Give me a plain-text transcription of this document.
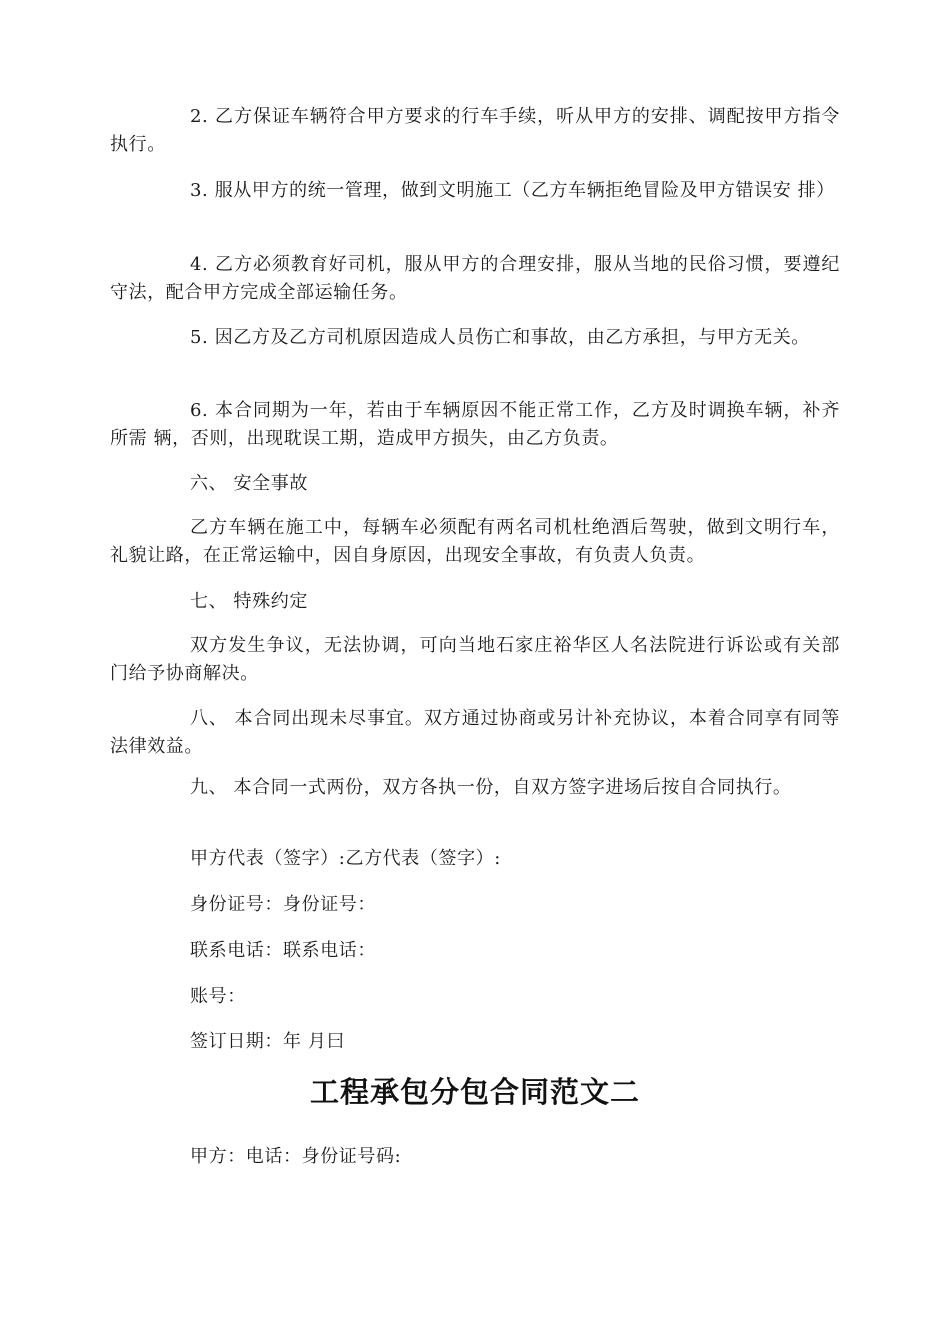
2. 乙方保证车辆符合甲方要求的行车手续，听从甲方的安排、调配按甲方指令执行。

3. 服从甲方的统一管理，做到文明施工（乙方车辆拒绝冒险及甲方错误安 排）

4. 乙方必须教育好司机，服从甲方的合理安排，服从当地的民俗习惯，要遵纪守法，配合甲方完成全部运输任务。

5. 因乙方及乙方司机原因造成人员伤亡和事故，由乙方承担，与甲方无关。

6. 本合同期为一年，若由于车辆原因不能正常工作，乙方及时调换车辆，补齐所需 辆，否则，出现耽误工期，造成甲方损失，由乙方负责。

六、 安全事故

乙方车辆在施工中，每辆车必须配有两名司机杜绝酒后驾驶，做到文明行车，礼貌让路，在正常运输中，因自身原因，出现安全事故，有负责人负责。

七、 特殊约定

双方发生争议，无法协调，可向当地石家庄裕华区人名法院进行诉讼或有关部门给予协商解决。

八、 本合同出现未尽事宜。双方通过协商或另计补充协议，本着合同享有同等法律效益。

九、 本合同一式两份，双方各执一份，自双方签字进场后按自合同执行。

甲方代表（签字）:乙方代表（签字）:

身份证号：身份证号：

联系电话：联系电话：

账号：

签订日期：年 月曰

工程承包分包合同范文二

甲方：电话：身份证号码:
